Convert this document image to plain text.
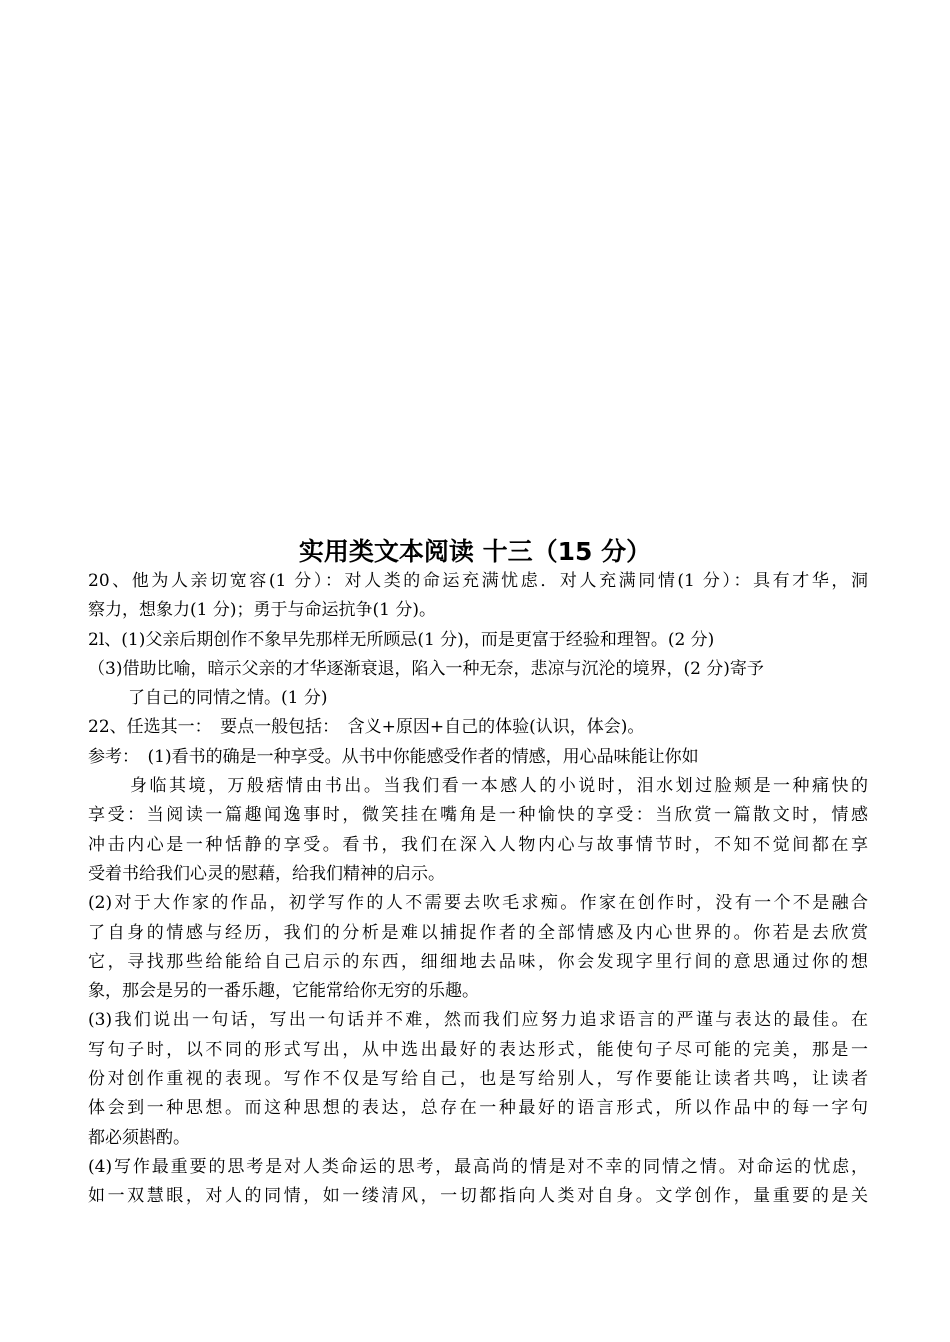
实用类文本阅读 十三（15 分）
20、他为人亲切宽容(1 分）：对人类的命运充满忧虑．对人充满同情(1 分）：具有才华，洞
察力，想象力(1 分)；勇于与命运抗争(1 分)。
2l、(1)父亲后期创作不象早先那样无所顾忌(1 分)，而是更富于经验和理智。(2 分)
（3)借助比喻，暗示父亲的才华逐渐衰退，陷入一种无奈，悲凉与沉沦的境界，(2 分)寄予
了自己的同情之情。(1 分)
22、任选其一：　要点一般包括：　含义+原因+自己的体验(认识，体会)。
参考：　(1)看书的确是一种享受。从书中你能感受作者的情感，用心品味能让你如
身临其境，万般痞情由书出。当我们看一本感人的小说时，泪水划过脸颊是一种痛快的
享受：当阅读一篇趣闻逸事时，微笑挂在嘴角是一种愉快的享受：当欣赏一篇散文时，情感
冲击内心是一种恬静的享受。看书，我们在深入人物内心与故事情节时，不知不觉间都在享
受着书给我们心灵的慰藉，给我们精神的启示。
(2)对于大作家的作品，初学写作的人不需要去吹毛求痴。作家在创作时，没有一个不是融合
了自身的情感与经历，我们的分析是难以捕捉作者的全部情感及内心世界的。你若是去欣赏
它，寻找那些给能给自己启示的东西，细细地去品味，你会发现字里行间的意思通过你的想
象，那会是另的一番乐趣，它能常给你无穷的乐趣。
(3)我们说出一句话，写出一句话并不难，然而我们应努力追求语言的严谨与表达的最佳。在
写句子时，以不同的形式写出，从中选出最好的表达形式，能使句子尽可能的完美，那是一
份对创作重视的表现。写作不仅是写给自己，也是写给别人，写作要能让读者共鸣，让读者
体会到一种思想。而这种思想的表达，总存在一种最好的语言形式，所以作品中的每一字句
都必须斟酌。
(4)写作最重要的思考是对人类命运的思考，最高尚的情是对不幸的同情之情。对命运的忧虑，
如一双慧眼，对人的同情，如一缕清风，一切都指向人类对自身。文学创作，量重要的是关
